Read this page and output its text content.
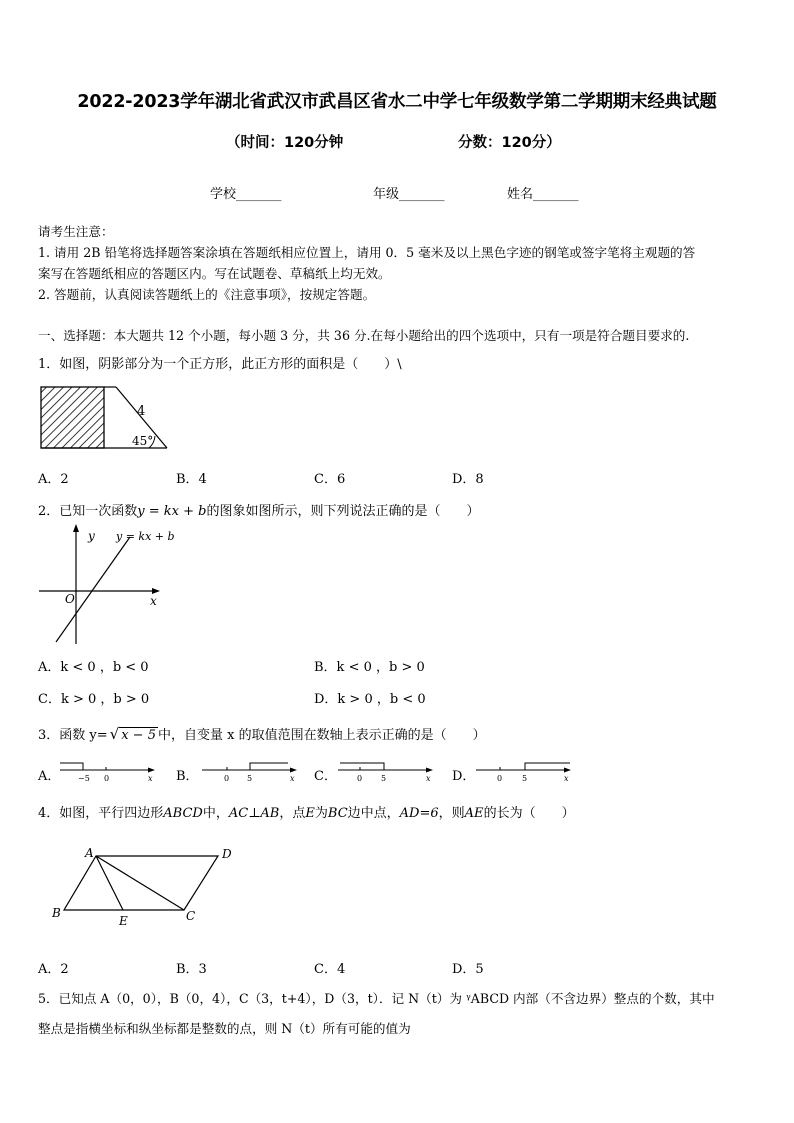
2022-2023学年湖北省武汉市武昌区省水二中学七年级数学第二学期期末经典试题
（时间：120分钟	分数：120分）
学校_______	年级_______	姓名_______
请考生注意：
1. 请用 2B 铅笔将选择题答案涂填在答题纸相应位置上，请用 0．5 毫米及以上黑色字迹的钢笔或签字笔将主观题的答
案写在答题纸相应的答题区内。写在试题卷、草稿纸上均无效。
2. 答题前，认真阅读答题纸上的《注意事项》，按规定答题。
一、选择题：本大题共 12 个小题，每小题 3 分，共 36 分.在每小题给出的四个选项中，只有一项是符合题目要求的.
1．如图，阴影部分为一个正方形，此正方形的面积是（　　）\
4
45°
A．2	B．4	C．6	D．8
2．已知一次函数y = kx + b的图象如图所示，则下列说法正确的是（　　）
y y = kx + b
O	x
A．k < 0 ，b < 0	B．k < 0 ，b > 0
C．k > 0 ，b > 0	D．k > 0 ，b < 0
3．函数 y= √ x − 5 中，自变量 x 的取值范围在数轴上表示正确的是（　　）
A． −5 0	x B．	0 5	x C．	0 5	x D．	0 5	x
4．如图，平行四边形ABCD中，AC⊥AB，点E为BC边中点，AD=6，则AE的长为（　　）
A	D
B	C
E
A．2	B．3	C．4	D．5
5．已知点 A（0，0），B（0，4），C（3，t+4），D（3，t）．记 N（t）为 ᵞABCD 内部（不含边界）整点的个数，其中
整点是指横坐标和纵坐标都是整数的点，则 N（t）所有可能的值为
